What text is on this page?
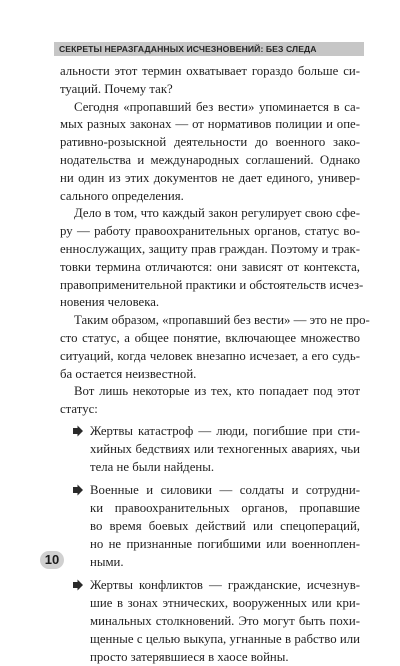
СЕКРЕТЫ НЕРАЗГАДАННЫХ ИСЧЕЗНОВЕНИЙ: БЕЗ СЛЕДА
альности этот термин охватывает гораздо больше си-
туаций. Почему так?
Сегодня «пропавший без вести» упоминается в са-
мых разных законах — от нормативов полиции и опе-
ративно-розыскной деятельности до военного зако-
нодательства и международных соглашений. Однако
ни один из этих документов не дает единого, универ-
сального определения.
Дело в том, что каждый закон регулирует свою сфе-
ру — работу правоохранительных органов, статус во-
еннослужащих, защиту прав граждан. Поэтому и трак-
товки термина отличаются: они зависят от контекста,
правоприменительной практики и обстоятельств исчез-
новения человека.
Таким образом, «пропавший без вести» — это не про-
сто статус, а общее понятие, включающее множество
ситуаций, когда человек внезапно исчезает, а его судь-
ба остается неизвестной.
Вот лишь некоторые из тех, кто попадает под этот
статус:
Жертвы катастроф — люди, погибшие при сти-
хийных бедствиях или техногенных авариях, чьи
тела не были найдены.
Военные и силовики — солдаты и сотрудни-
ки правоохранительных органов, пропавшие
во время боевых действий или спецопераций,
но не признанные погибшими или военноплен-
ными.
Жертвы конфликтов — гражданские, исчезнув-
шие в зонах этнических, вооруженных или кри-
минальных столкновений. Это могут быть похи-
щенные с целью выкупа, угнанные в рабство или
просто затерявшиеся в хаосе войны.
10
